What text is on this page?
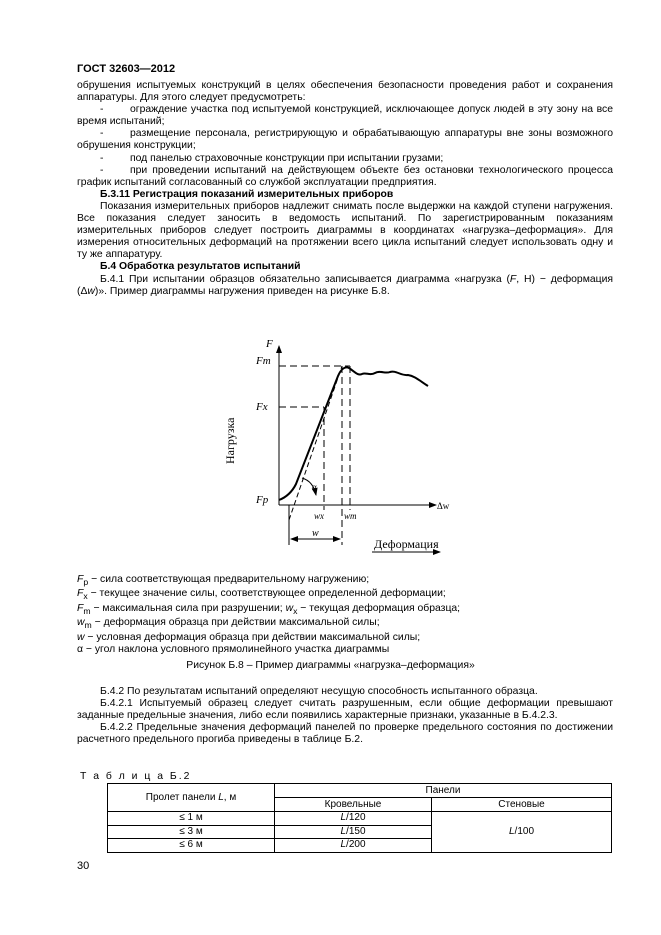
ГОСТ 32603—2012

обрушения испытуемых конструкций в целях обеспечения безопасности проведения работ и сохранения аппаратуры. Для этого следует предусмотреть:

-	ограждение участка под испытуемой конструкцией, исключающее допуск людей в эту зону на все время испытаний;

-	размещение персонала, регистрирующую и обрабатывающую аппаратуры вне зоны возможного обрушения конструкции;

-	под панелью страховочные конструкции при испытании грузами;

-	при проведении испытаний на действующем объекте без остановки технологического процесса график испытаний согласованный со службой эксплуатации предприятия.

Б.3.11 Регистрация показаний измерительных приборов

Показания измерительных приборов надлежит снимать после выдержки на каждой ступени нагружения. Все показания следует заносить в ведомость испытаний. По зарегистрированным показаниям измерительных приборов следует построить диаграммы в координатах «нагрузка–деформация». Для измерения относительных деформаций на протяжении всего цикла испытаний следует использовать одну и ту же аппаратуру.

Б.4 Обработка результатов испытаний

Б.4.1 При испытании образцов обязательно записывается диаграмма «нагрузка (F, Н) − деформация (Δw)». Пример диаграммы нагружения приведен на рисунке Б.8.

F
Δw
α
Fm
Fx
Fp
wx wm
w
Нагрузка
Деформация
$F_p$ − сила соответствующая предварительному нагружению;
$F_x$ − текущее значение силы, соответствующее определенной деформации;
$F_m$ − максимальная сила при разрушении; $w_x$ − текущая деформация образца;
$w_m$ − деформация образца при действии максимальной силы;
w − условная деформация образца при действии максимальной силы;
α − угол наклона условного прямолинейного участка диаграммы
Рисунок Б.8 – Пример диаграммы «нагрузка–деформация»

Б.4.2 По результатам испытаний определяют несущую способность испытанного образца.

Б.4.2.1 Испытуемый образец следует считать разрушенным, если общие деформации превышают заданные предельные значения, либо если появились характерные признаки, указанные в Б.4.2.3.

Б.4.2.2 Предельные значения деформаций панелей по проверке предельного состояния по достижении расчетного предельного прогиба приведены в таблице Б.2.

Т а б л и ц а Б.2
Пролет панели L, м	Панели	
	Кровельные	Стеновые
≤ 1 м	L/120	L/100
≤ 3 м	L/150	
≤ 6 м	L/200	
30
